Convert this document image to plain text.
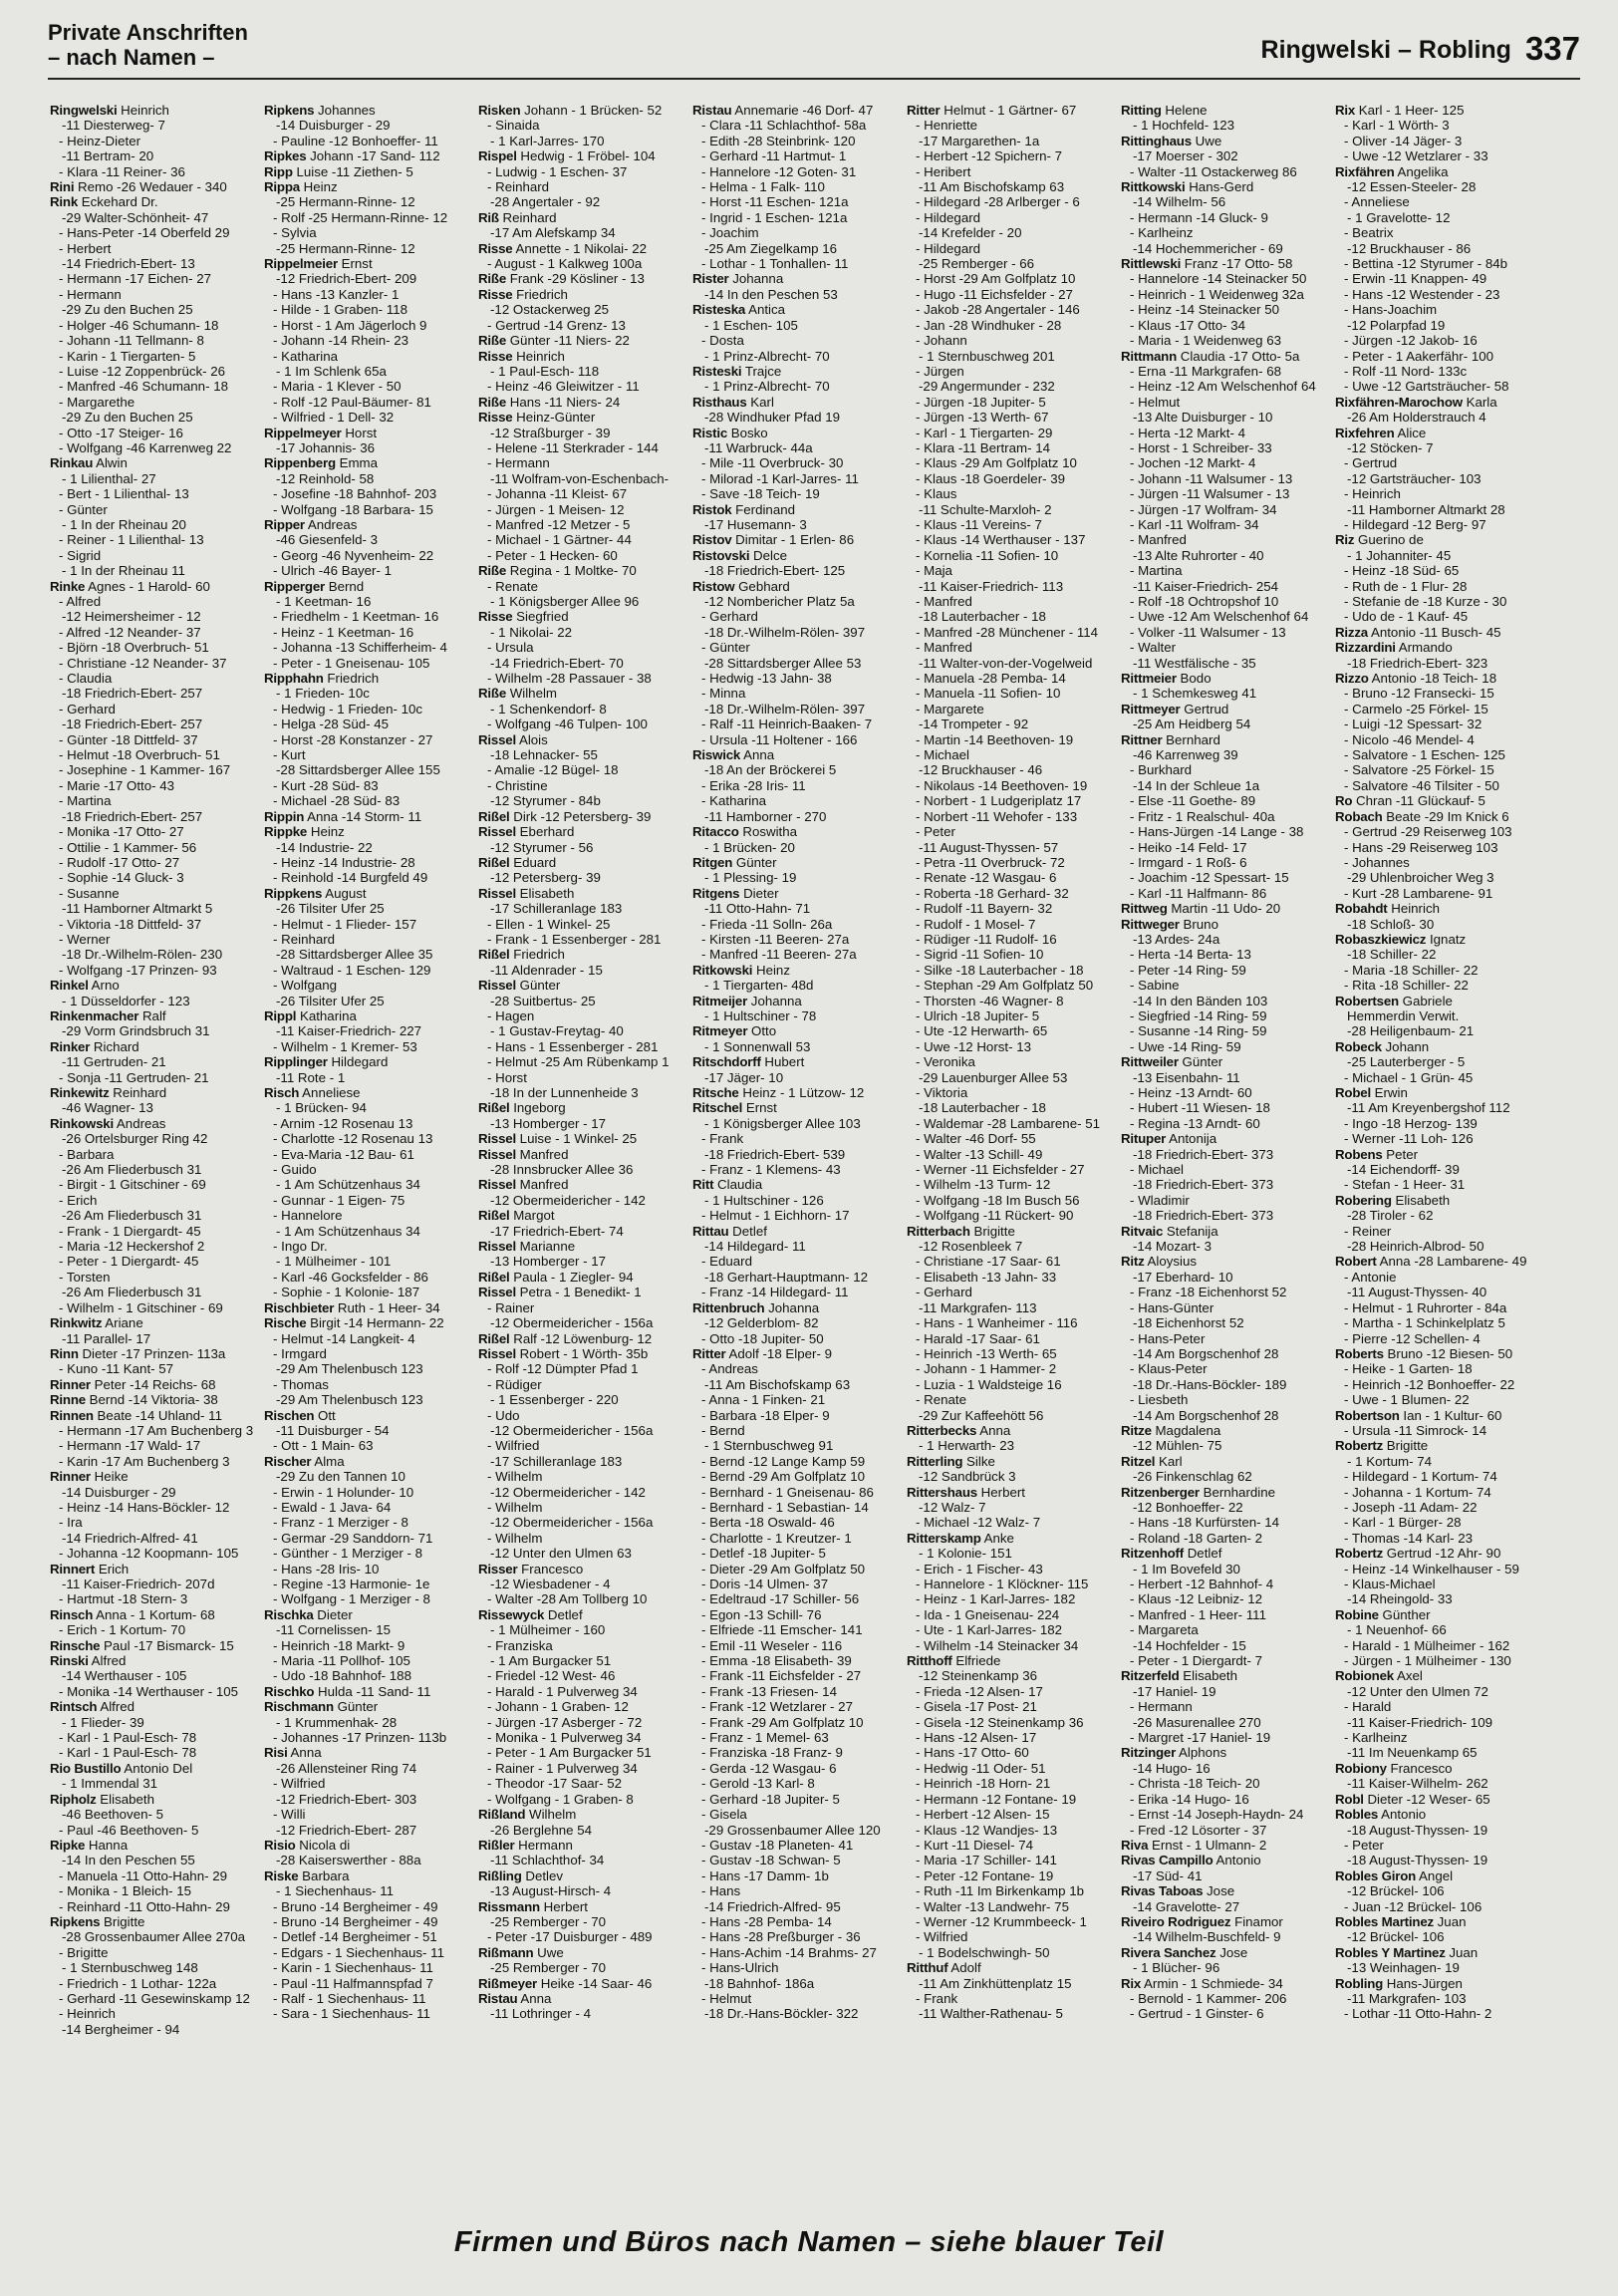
Private Anschriften
– nach Namen –	Ringwelski – Robling 337
Ringwelski Heinrich
-11 Diesterweg- 7
- Heinz-Dieter
-11 Bertram- 20
- Klara -11 Reiner- 36
Rini Remo -26 Wedauer - 340
Rink Eckehard Dr.
-29 Walter-Schönheit- 47
- Hans-Peter -14 Oberfeld 29
- Herbert
-14 Friedrich-Ebert- 13
- Hermann -17 Eichen- 27
- Hermann
-29 Zu den Buchen 25
- Holger -46 Schumann- 18
- Johann -11 Tellmann- 8
- Karin - 1 Tiergarten- 5
- Luise -12 Zoppenbrück- 26
- Manfred -46 Schumann- 18
- Margarethe
-29 Zu den Buchen 25
- Otto -17 Steiger- 16
- Wolfgang -46 Karrenweg 22
Rinkau Alwin
- 1 Lilienthal- 27
- Bert - 1 Lilienthal- 13
- Günter
- 1 In der Rheinau 20
- Reiner - 1 Lilienthal- 13
- Sigrid
- 1 In der Rheinau 11
Rinke Agnes - 1 Harold- 60
- Alfred
-12 Heimersheimer - 12
- Alfred -12 Neander- 37
- Björn -18 Overbruch- 51
- Christiane -12 Neander- 37
- Claudia
-18 Friedrich-Ebert- 257
- Gerhard
-18 Friedrich-Ebert- 257
- Günter -18 Dittfeld- 37
- Helmut -18 Overbruch- 51
- Josephine - 1 Kammer- 167
- Marie -17 Otto- 43
- Martina
-18 Friedrich-Ebert- 257
- Monika -17 Otto- 27
- Ottilie - 1 Kammer- 56
- Rudolf -17 Otto- 27
- Sophie -14 Gluck- 3
- Susanne
-11 Hamborner Altmarkt 5
- Viktoria -18 Dittfeld- 37
- Werner
-18 Dr.-Wilhelm-Rölen- 230
- Wolfgang -17 Prinzen- 93
Rinkel Arno
- 1 Düsseldorfer - 123
Rinkenmacher Ralf
-29 Vorm Grindsbruch 31
Rinker Richard
-11 Gertruden- 21
- Sonja -11 Gertruden- 21
Rinkewitz Reinhard
-46 Wagner- 13
Rinkowski Andreas
-26 Ortelsburger Ring 42
- Barbara
-26 Am Fliederbusch 31
- Birgit - 1 Gitschiner - 69
- Erich
-26 Am Fliederbusch 31
- Frank - 1 Diergardt- 45
- Maria -12 Heckershof 2
- Peter - 1 Diergardt- 45
- Torsten
-26 Am Fliederbusch 31
- Wilhelm - 1 Gitschiner - 69
Rinkwitz Ariane
-11 Parallel- 17
Rinn Dieter -17 Prinzen- 113a
- Kuno -11 Kant- 57
Rinner Peter -14 Reichs- 68
Rinne Bernd -14 Viktoria- 38
Rinnen Beate -14 Uhland- 11
- Hermann -17 Am Buchenberg 3
- Hermann -17 Wald- 17
- Karin -17 Am Buchenberg 3
Rinner Heike
-14 Duisburger - 29
- Heinz -14 Hans-Böckler- 12
- Ira
-14 Friedrich-Alfred- 41
- Johanna -12 Koopmann- 105
Rinnert Erich
-11 Kaiser-Friedrich- 207d
- Hartmut -18 Stern- 3
Rinsch Anna - 1 Kortum- 68
- Erich - 1 Kortum- 70
Rinsche Paul -17 Bismarck- 15
Rinski Alfred
-14 Werthauser - 105
- Monika -14 Werthauser - 105
Rintsch Alfred
- 1 Flieder- 39
- Karl - 1 Paul-Esch- 78
- Karl - 1 Paul-Esch- 78
Rio Bustillo Antonio Del
- 1 Immendal 31
Ripholz Elisabeth
-46 Beethoven- 5
- Paul -46 Beethoven- 5
Ripke Hanna
-14 In den Peschen 55
- Manuela -11 Otto-Hahn- 29
- Monika - 1 Bleich- 15
- Reinhard -11 Otto-Hahn- 29
Ripkens Brigitte
-28 Grossenbaumer Allee 270a
- Brigitte
- 1 Sternbuschweg 148
- Friedrich - 1 Lothar- 122a
- Gerhard -11 Gesewinskamp 12
- Heinrich
-14 Bergheimer - 94
Ripkens Johannes
-14 Duisburger - 29
- Pauline -12 Bonhoeffer- 11
Ripkes Johann -17 Sand- 112
Ripp Luise -11 Ziethen- 5
Rippa Heinz
-25 Hermann-Rinne- 12
- Rolf -25 Hermann-Rinne- 12
- Sylvia
-25 Hermann-Rinne- 12
Rippelmeier Ernst
-12 Friedrich-Ebert- 209
- Hans -13 Kanzler- 1
- Hilde - 1 Graben- 118
- Horst - 1 Am Jägerloch 9
- Johann -14 Rhein- 23
- Katharina
- 1 Im Schlenk 65a
- Maria - 1 Klever - 50
- Rolf -12 Paul-Bäumer- 81
- Wilfried - 1 Dell- 32
Rippelmeyer Horst
-17 Johannis- 36
Rippenberg Emma
-12 Reinhold- 58
- Josefine -18 Bahnhof- 203
- Wolfgang -18 Barbara- 15
Ripper Andreas
-46 Giesenfeld- 3
- Georg -46 Nyvenheim- 22
- Ulrich -46 Bayer- 1
Ripperger Bernd
- 1 Keetman- 16
- Friedhelm - 1 Keetman- 16
- Heinz - 1 Keetman- 16
- Johanna -13 Schifferheim- 4
- Peter - 1 Gneisenau- 105
Ripphahn Friedrich
- 1 Frieden- 10c
- Hedwig - 1 Frieden- 10c
- Helga -28 Süd- 45
- Horst -28 Konstanzer - 27
- Kurt
-28 Sittardsberger Allee 155
- Kurt -28 Süd- 83
- Michael -28 Süd- 83
Rippin Anna -14 Storm- 11
Rippke Heinz
-14 Industrie- 22
- Heinz -14 Industrie- 28
- Reinhold -14 Burgfeld 49
Rippkens August
-26 Tilsiter Ufer 25
- Helmut - 1 Flieder- 157
- Reinhard
-28 Sittardsberger Allee 35
- Waltraud - 1 Eschen- 129
- Wolfgang
-26 Tilsiter Ufer 25
Rippl Katharina
-11 Kaiser-Friedrich- 227
- Wilhelm - 1 Kremer- 53
Ripplinger Hildegard
-11 Rote - 1
Risch Anneliese
- 1 Brücken- 94
- Arnim -12 Rosenau 13
- Charlotte -12 Rosenau 13
- Eva-Maria -12 Bau- 61
- Guido
- 1 Am Schützenhaus 34
- Gunnar - 1 Eigen- 75
- Hannelore
- 1 Am Schützenhaus 34
- Ingo Dr.
- 1 Mülheimer - 101
- Karl -46 Gocksfelder - 86
- Sophie - 1 Kolonie- 187
Rischbieter Ruth - 1 Heer- 34
Rische Birgit -14 Hermann- 22
- Helmut -14 Langkeit- 4
- Irmgard
-29 Am Thelenbusch 123
- Thomas
-29 Am Thelenbusch 123
Rischen Ott
-11 Duisburger - 54
- Ott - 1 Main- 63
Rischer Alma
-29 Zu den Tannen 10
- Erwin - 1 Holunder- 10
- Ewald - 1 Java- 64
- Franz - 1 Merziger - 8
- Germar -29 Sanddorn- 71
- Günther - 1 Merziger - 8
- Hans -28 Iris- 10
- Regine -13 Harmonie- 1e
- Wolfgang - 1 Merziger - 8
Rischka Dieter
-11 Cornelissen- 15
- Heinrich -18 Markt- 9
- Maria -11 Pollhof- 105
- Udo -18 Bahnhof- 188
Rischko Hulda -11 Sand- 11
Rischmann Günter
- 1 Krummenhak- 28
- Johannes -17 Prinzen- 113b
Risi Anna
-26 Allensteiner Ring 74
- Wilfried
-12 Friedrich-Ebert- 303
- Willi
-12 Friedrich-Ebert- 287
Risio Nicola di
-28 Kaiserswerther - 88a
Riske Barbara
- 1 Siechenhaus- 11
- Bruno -14 Bergheimer - 49
- Bruno -14 Bergheimer - 49
- Detlef -14 Bergheimer - 51
- Edgars - 1 Siechenhaus- 11
- Karin - 1 Siechenhaus- 11
- Paul -11 Halfmannspfad 7
- Ralf - 1 Siechenhaus- 11
- Sara - 1 Siechenhaus- 11
Risken Johann - 1 Brücken- 52
- Sinaida
- 1 Karl-Jarres- 170
Rispel Hedwig - 1 Fröbel- 104
- Ludwig - 1 Eschen- 37
- Reinhard
-28 Angertaler - 92
Riß Reinhard
-17 Am Alefskamp 34
Risse Annette - 1 Nikolai- 22
- August - 1 Kalkweg 100a
Riße Frank -29 Kösliner - 13
Risse Friedrich
-12 Ostackerweg 25
- Gertrud -14 Grenz- 13
Riße Günter -11 Niers- 22
Risse Heinrich
- 1 Paul-Esch- 118
- Heinz -46 Gleiwitzer - 11
Riße Hans -11 Niers- 24
Risse Heinz-Günter
-12 Straßburger - 39
- Helene -11 Sterkrader - 144
- Hermann
-11 Wolfram-von-Eschenbach-
- Johanna -11 Kleist- 67
- Jürgen - 1 Meisen- 12
- Manfred -12 Metzer - 5
- Michael - 1 Gärtner- 44
- Peter - 1 Hecken- 60
Riße Regina - 1 Moltke- 70
- Renate
- 1 Königsberger Allee 96
Risse Siegfried
- 1 Nikolai- 22
- Ursula
-14 Friedrich-Ebert- 70
- Wilhelm -28 Passauer - 38
Riße Wilhelm
- 1 Schenkendorf- 8
- Wolfgang -46 Tulpen- 100
Rissel Alois
-18 Lehnacker- 55
- Amalie -12 Bügel- 18
- Christine
-12 Styrumer - 84b
Rißel Dirk -12 Petersberg- 39
Rissel Eberhard
-12 Styrumer - 56
Rißel Eduard
-12 Petersberg- 39
Rissel Elisabeth
-17 Schilleranlage 183
- Ellen - 1 Winkel- 25
- Frank - 1 Essenberger - 281
Rißel Friedrich
-11 Aldenrader - 15
Rissel Günter
-28 Suitbertus- 25
- Hagen
- 1 Gustav-Freytag- 40
- Hans - 1 Essenberger - 281
- Helmut -25 Am Rübenkamp 1
- Horst
-18 In der Lunnenheide 3
Rißel Ingeborg
-13 Homberger - 17
Rissel Luise - 1 Winkel- 25
Rissel Manfred
-28 Innsbrucker Allee 36
Rissel Manfred
-12 Obermeidericher - 142
Rißel Margot
-17 Friedrich-Ebert- 74
Rissel Marianne
-13 Homberger - 17
Rißel Paula - 1 Ziegler- 94
Rissel Petra - 1 Benedikt- 1
- Rainer
-12 Obermeidericher - 156a
Rißel Ralf -12 Löwenburg- 12
Rissel Robert - 1 Wörth- 35b
- Rolf -12 Dümpter Pfad 1
- Rüdiger
- 1 Essenberger - 220
- Udo
-12 Obermeidericher - 156a
- Wilfried
-17 Schilleranlage 183
- Wilhelm
-12 Obermeidericher - 142
- Wilhelm
-12 Obermeidericher - 156a
- Wilhelm
-12 Unter den Ulmen 63
Risser Francesco
-12 Wiesbadener - 4
- Walter -28 Am Tollberg 10
Rissewyck Detlef
- 1 Mülheimer - 160
- Franziska
- 1 Am Burgacker 51
- Friedel -12 West- 46
- Harald - 1 Pulverweg 34
- Johann - 1 Graben- 12
- Jürgen -17 Asberger - 72
- Monika - 1 Pulverweg 34
- Peter - 1 Am Burgacker 51
- Rainer - 1 Pulverweg 34
- Theodor -17 Saar- 52
- Wolfgang - 1 Graben- 8
Rißland Wilhelm
-26 Berglehne 54
Rißler Hermann
-11 Schlachthof- 34
Rißling Detlev
-13 August-Hirsch- 4
Rissmann Herbert
-25 Remberger - 70
- Peter -17 Duisburger - 489
Rißmann Uwe
-25 Remberger - 70
Rißmeyer Heike -14 Saar- 46
Ristau Anna
-11 Lothringer - 4
Ristau Annemarie -46 Dorf- 47
- Clara -11 Schlachthof- 58a
- Edith -28 Steinbrink- 120
- Gerhard -11 Hartmut- 1
- Hannelore -12 Goten- 31
- Helma - 1 Falk- 110
- Horst -11 Eschen- 121a
- Ingrid - 1 Eschen- 121a
- Joachim
-25 Am Ziegelkamp 16
- Lothar - 1 Tonhallen- 11
Rister Johanna
-14 In den Peschen 53
Risteska Antica
- 1 Eschen- 105
- Dosta
- 1 Prinz-Albrecht- 70
Risteski Trajce
- 1 Prinz-Albrecht- 70
Risthaus Karl
-28 Windhuker Pfad 19
Ristic Bosko
-11 Warbruck- 44a
- Mile -11 Overbruck- 30
- Milorad -1 Karl-Jarres- 11
- Save -18 Teich- 19
Ristok Ferdinand
-17 Husemann- 3
Ristov Dimitar - 1 Erlen- 86
Ristovski Delce
-18 Friedrich-Ebert- 125
Ristow Gebhard
-12 Nombericher Platz 5a
- Gerhard
-18 Dr.-Wilhelm-Rölen- 397
- Günter
-28 Sittardsberger Allee 53
- Hedwig -13 Jahn- 38
- Minna
-18 Dr.-Wilhelm-Rölen- 397
- Ralf -11 Heinrich-Baaken- 7
- Ursula -11 Holtener - 166
Riswick Anna
-18 An der Bröckerei 5
- Erika -28 Iris- 11
- Katharina
-11 Hamborner - 270
Ritacco Roswitha
- 1 Brücken- 20
Ritgen Günter
- 1 Plessing- 19
Ritgens Dieter
-11 Otto-Hahn- 71
- Frieda -11 Solln- 26a
- Kirsten -11 Beeren- 27a
- Manfred -11 Beeren- 27a
Ritkowski Heinz
- 1 Tiergarten- 48d
Ritmeijer Johanna
- 1 Hultschiner - 78
Ritmeyer Otto
- 1 Sonnenwall 53
Ritschdorff Hubert
-17 Jäger- 10
Ritsche Heinz - 1 Lützow- 12
Ritschel Ernst
- 1 Königsberger Allee 103
- Frank
-18 Friedrich-Ebert- 539
- Franz - 1 Klemens- 43
Ritt Claudia
- 1 Hultschiner - 126
- Helmut - 1 Eichhorn- 17
Rittau Detlef
-14 Hildegard- 11
- Eduard
-18 Gerhart-Hauptmann- 12
- Franz -14 Hildegard- 11
Rittenbruch Johanna
-12 Gelderblom- 82
- Otto -18 Jupiter- 50
Ritter Adolf -18 Elper- 9
- Andreas
-11 Am Bischofskamp 63
- Anna - 1 Finken- 21
- Barbara -18 Elper- 9
- Bernd
- 1 Sternbuschweg 91
- Bernd -12 Lange Kamp 59
- Bernd -29 Am Golfplatz 10
- Bernhard - 1 Gneisenau- 86
- Bernhard - 1 Sebastian- 14
- Berta -18 Oswald- 46
- Charlotte - 1 Kreutzer- 1
- Detlef -18 Jupiter- 5
- Dieter -29 Am Golfplatz 50
- Doris -14 Ulmen- 37
- Edeltraud -17 Schiller- 56
- Egon -13 Schill- 76
- Elfriede -11 Emscher- 141
- Emil -11 Weseler - 116
- Emma -18 Elisabeth- 39
- Frank -11 Eichsfelder - 27
- Frank -13 Friesen- 14
- Frank -12 Wetzlarer - 27
- Frank -29 Am Golfplatz 10
- Franz - 1 Memel- 63
- Franziska -18 Franz- 9
- Gerda -12 Wasgau- 6
- Gerold -13 Karl- 8
- Gerhard -18 Jupiter- 5
- Gisela
-29 Grossenbaumer Allee 120
- Gustav -18 Planeten- 41
- Gustav -18 Schwan- 5
- Hans -17 Damm- 1b
- Hans
-14 Friedrich-Alfred- 95
- Hans -28 Pemba- 14
- Hans -28 Preßburger - 36
- Hans-Achim -14 Brahms- 27
- Hans-Ulrich
-18 Bahnhof- 186a
- Helmut
-18 Dr.-Hans-Böckler- 322
Ritter Helmut - 1 Gärtner- 67
- Henriette
-17 Margarethen- 1a
- Herbert -12 Spichern- 7
- Heribert
-11 Am Bischofskamp 63
- Hildegard -28 Arlberger - 6
- Hildegard
-14 Krefelder - 20
- Hildegard
-25 Remberger - 66
- Horst -29 Am Golfplatz 10
- Hugo -11 Eichsfelder - 27
- Jakob -28 Angertaler - 146
- Jan -28 Windhuker - 28
- Johann
- 1 Sternbuschweg 201
- Jürgen
-29 Angermunder - 232
- Jürgen -18 Jupiter- 5
- Jürgen -13 Werth- 67
- Karl - 1 Tiergarten- 29
- Klara -11 Bertram- 14
- Klaus -29 Am Golfplatz 10
- Klaus -18 Goerdeler- 39
- Klaus
-11 Schulte-Marxloh- 2
- Klaus -11 Vereins- 7
- Klaus -14 Werthauser - 137
- Kornelia -11 Sofien- 10
- Maja
-11 Kaiser-Friedrich- 113
- Manfred
-18 Lauterbacher - 18
- Manfred -28 Münchener - 114
- Manfred
-11 Walter-von-der-Vogelweid
- Manuela -28 Pemba- 14
- Manuela -11 Sofien- 10
- Margarete
-14 Trompeter - 92
- Martin -14 Beethoven- 19
- Michael
-12 Bruckhauser - 46
- Nikolaus -14 Beethoven- 19
- Norbert - 1 Ludgeriplatz 17
- Norbert -11 Wehofer - 133
- Peter
-11 August-Thyssen- 57
- Petra -11 Overbruck- 72
- Renate -12 Wasgau- 6
- Roberta -18 Gerhard- 32
- Rudolf -11 Bayern- 32
- Rudolf - 1 Mosel- 7
- Rüdiger -11 Rudolf- 16
- Sigrid -11 Sofien- 10
- Silke -18 Lauterbacher - 18
- Stephan -29 Am Golfplatz 50
- Thorsten -46 Wagner- 8
- Ulrich -18 Jupiter- 5
- Ute -12 Herwarth- 65
- Uwe -12 Horst- 13
- Veronika
-29 Lauenburger Allee 53
- Viktoria
-18 Lauterbacher - 18
- Waldemar -28 Lambarene- 51
- Walter -46 Dorf- 55
- Walter -13 Schill- 49
- Werner -11 Eichsfelder - 27
- Wilhelm -13 Turm- 12
- Wolfgang -18 Im Busch 56
- Wolfgang -11 Rückert- 90
Ritterbach Brigitte
-12 Rosenbleek 7
- Christiane -17 Saar- 61
- Elisabeth -13 Jahn- 33
- Gerhard
-11 Markgrafen- 113
- Hans - 1 Wanheimer - 116
- Harald -17 Saar- 61
- Heinrich -13 Werth- 65
- Johann - 1 Hammer- 2
- Luzia - 1 Waldsteige 16
- Renate
-29 Zur Kaffeehött 56
Ritterbecks Anna
- 1 Herwarth- 23
Ritterling Silke
-12 Sandbrück 3
Rittershaus Herbert
-12 Walz- 7
- Michael -12 Walz- 7
Ritterskamp Anke
- 1 Kolonie- 151
- Erich - 1 Fischer- 43
- Hannelore - 1 Klöckner- 115
- Heinz - 1 Karl-Jarres- 182
- Ida - 1 Gneisenau- 224
- Ute - 1 Karl-Jarres- 182
- Wilhelm -14 Steinacker 34
Ritthoff Elfriede
-12 Steinenkamp 36
- Frieda -12 Alsen- 17
- Gisela -17 Post- 21
- Gisela -12 Steinenkamp 36
- Hans -12 Alsen- 17
- Hans -17 Otto- 60
- Hedwig -11 Oder- 51
- Heinrich -18 Horn- 21
- Hermann -12 Fontane- 19
- Herbert -12 Alsen- 15
- Klaus -12 Wandjes- 13
- Kurt -11 Diesel- 74
- Maria -17 Schiller- 141
- Peter -12 Fontane- 19
- Ruth -11 Im Birkenkamp 1b
- Walter -13 Landwehr- 75
- Werner -12 Krummbeeck- 1
- Wilfried
- 1 Bodelschwingh- 50
Ritthuf Adolf
-11 Am Zinkhüttenplatz 15
- Frank
-11 Walther-Rathenau- 5
Ritting Helene
- 1 Hochfeld- 123
Rittinghaus Uwe
-17 Moerser - 302
- Walter -11 Ostackerweg 86
Rittkowski Hans-Gerd
-14 Wilhelm- 56
- Hermann -14 Gluck- 9
- Karlheinz
-14 Hochemmericher - 69
Rittlewski Franz -17 Otto- 58
- Hannelore -14 Steinacker 50
- Heinrich - 1 Weidenweg 32a
- Heinz -14 Steinacker 50
- Klaus -17 Otto- 34
- Maria - 1 Weidenweg 63
Rittmann Claudia -17 Otto- 5a
- Erna -11 Markgrafen- 68
- Heinz -12 Am Welschenhof 64
- Helmut
-13 Alte Duisburger - 10
- Herta -12 Markt- 4
- Horst - 1 Schreiber- 33
- Jochen -12 Markt- 4
- Johann -11 Walsumer - 13
- Jürgen -11 Walsumer - 13
- Jürgen -17 Wolfram- 34
- Karl -11 Wolfram- 34
- Manfred
-13 Alte Ruhrorter - 40
- Martina
-11 Kaiser-Friedrich- 254
- Rolf -18 Ochtropshof 10
- Uwe -12 Am Welschenhof 64
- Volker -11 Walsumer - 13
- Walter
-11 Westfälische - 35
Rittmeier Bodo
- 1 Schemkesweg 41
Rittmeyer Gertrud
-25 Am Heidberg 54
Rittner Bernhard
-46 Karrenweg 39
- Burkhard
-14 In der Schleue 1a
- Else -11 Goethe- 89
- Fritz - 1 Realschul- 40a
- Hans-Jürgen -14 Lange - 38
- Heiko -14 Feld- 17
- Irmgard - 1 Roß- 6
- Joachim -12 Spessart- 15
- Karl -11 Halfmann- 86
Rittweg Martin -11 Udo- 20
Rittweger Bruno
-13 Ardes- 24a
- Herta -14 Berta- 13
- Peter -14 Ring- 59
- Sabine
-14 In den Bänden 103
- Siegfried -14 Ring- 59
- Susanne -14 Ring- 59
- Uwe -14 Ring- 59
Rittweiler Günter
-13 Eisenbahn- 11
- Heinz -13 Arndt- 60
- Hubert -11 Wiesen- 18
- Regina -13 Arndt- 60
Rituper Antonija
-18 Friedrich-Ebert- 373
- Michael
-18 Friedrich-Ebert- 373
- Wladimir
-18 Friedrich-Ebert- 373
Ritvaic Stefanija
-14 Mozart- 3
Ritz Aloysius
-17 Eberhard- 10
- Franz -18 Eichenhorst 52
- Hans-Günter
-18 Eichenhorst 52
- Hans-Peter
-14 Am Borgschenhof 28
- Klaus-Peter
-18 Dr.-Hans-Böckler- 189
- Liesbeth
-14 Am Borgschenhof 28
Ritze Magdalena
-12 Mühlen- 75
Ritzel Karl
-26 Finkenschlag 62
Ritzenberger Bernhardine
-12 Bonhoeffer- 22
- Hans -18 Kurfürsten- 14
- Roland -18 Garten- 2
Ritzenhoff Detlef
- 1 Im Bovefeld 30
- Herbert -12 Bahnhof- 4
- Klaus -12 Leibniz- 12
- Manfred - 1 Heer- 111
- Margareta
-14 Hochfelder - 15
- Peter - 1 Diergardt- 7
Ritzerfeld Elisabeth
-17 Haniel- 19
- Hermann
-26 Masurenallee 270
- Margret -17 Haniel- 19
Ritzinger Alphons
-14 Hugo- 16
- Christa -18 Teich- 20
- Erika -14 Hugo- 16
- Ernst -14 Joseph-Haydn- 24
- Fred -12 Lösorter - 37
Riva Ernst - 1 Ulmann- 2
Rivas Campillo Antonio
-17 Süd- 41
Rivas Taboas Jose
-14 Gravelotte- 27
Riveiro Rodriguez Finamor
-14 Wilhelm-Buschfeld- 9
Rivera Sanchez Jose
- 1 Blücher- 96
Rix Armin - 1 Schmiede- 34
- Bernold - 1 Kammer- 206
- Gertrud - 1 Ginster- 6
Rix Karl - 1 Heer- 125
- Karl - 1 Wörth- 3
- Oliver -14 Jäger- 3
- Uwe -12 Wetzlarer - 33
Rixfähren Angelika
-12 Essen-Steeler- 28
- Anneliese
- 1 Gravelotte- 12
- Beatrix
-12 Bruckhauser - 86
- Bettina -12 Styrumer - 84b
- Erwin -11 Knappen- 49
- Hans -12 Westender - 23
- Hans-Joachim
-12 Polarpfad 19
- Jürgen -12 Jakob- 16
- Peter - 1 Aakerfähr- 100
- Rolf -11 Nord- 133c
- Uwe -12 Gartsträucher- 58
Rixfähren-Marochow Karla
-26 Am Holderstrauch 4
Rixfehren Alice
-12 Stöcken- 7
- Gertrud
-12 Gartsträucher- 103
- Heinrich
-11 Hamborner Altmarkt 28
- Hildegard -12 Berg- 97
Riz Guerino de
- 1 Johanniter- 45
- Heinz -18 Süd- 65
- Ruth de - 1 Flur- 28
- Stefanie de -18 Kurze - 30
- Udo de - 1 Kauf- 45
Rizza Antonio -11 Busch- 45
Rizzardini Armando
-18 Friedrich-Ebert- 323
Rizzo Antonio -18 Teich- 18
- Bruno -12 Fransecki- 15
- Carmelo -25 Förkel- 15
- Luigi -12 Spessart- 32
- Nicolo -46 Mendel- 4
- Salvatore - 1 Eschen- 125
- Salvatore -25 Förkel- 15
- Salvatore -46 Tilsiter - 50
Ro Chran -11 Glückauf- 5
Robach Beate -29 Im Knick 6
- Gertrud -29 Reiserweg 103
- Hans -29 Reiserweg 103
- Johannes
-29 Uhlenbroicher Weg 3
- Kurt -28 Lambarene- 91
Robahdt Heinrich
-18 Schloß- 30
Robaszkiewicz Ignatz
-18 Schiller- 22
- Maria -18 Schiller- 22
- Rita -18 Schiller- 22
Robertsen Gabriele
Hemmerdin Verwit.
-28 Heiligenbaum- 21
Robeck Johann
-25 Lauterberger - 5
- Michael - 1 Grün- 45
Robel Erwin
-11 Am Kreyenbergshof 112
- Ingo -18 Herzog- 139
- Werner -11 Loh- 126
Robens Peter
-14 Eichendorff- 39
- Stefan - 1 Heer- 31
Robering Elisabeth
-28 Tiroler - 62
- Reiner
-28 Heinrich-Albrod- 50
Robert Anna -28 Lambarene- 49
- Antonie
-11 August-Thyssen- 40
- Helmut - 1 Ruhrorter - 84a
- Martha - 1 Schinkelplatz 5
- Pierre -12 Schellen- 4
Roberts Bruno -12 Biesen- 50
- Heike - 1 Garten- 18
- Heinrich -12 Bonhoeffer- 22
- Uwe - 1 Blumen- 22
Robertson Ian - 1 Kultur- 60
- Ursula -11 Simrock- 14
Robertz Brigitte
- 1 Kortum- 74
- Hildegard - 1 Kortum- 74
- Johanna - 1 Kortum- 74
- Joseph -11 Adam- 22
- Karl - 1 Bürger- 28
- Thomas -14 Karl- 23
Robertz Gertrud -12 Ahr- 90
- Heinz -14 Winkelhauser - 59
- Klaus-Michael
-14 Rheingold- 33
Robine Günther
- 1 Neuenhof- 66
- Harald - 1 Mülheimer - 162
- Jürgen - 1 Mülheimer - 130
Robionek Axel
-12 Unter den Ulmen 72
- Harald
-11 Kaiser-Friedrich- 109
- Karlheinz
-11 Im Neuenkamp 65
Robiony Francesco
-11 Kaiser-Wilhelm- 262
Robl Dieter -12 Weser- 65
Robles Antonio
-18 August-Thyssen- 19
- Peter
-18 August-Thyssen- 19
Robles Giron Angel
-12 Brückel- 106
- Juan -12 Brückel- 106
Robles Martinez Juan
-12 Brückel- 106
Robles Y Martinez Juan
-13 Weinhagen- 19
Robling Hans-Jürgen
-11 Markgrafen- 103
- Lothar -11 Otto-Hahn- 2
Firmen und Büros nach Namen – siehe blauer Teil
